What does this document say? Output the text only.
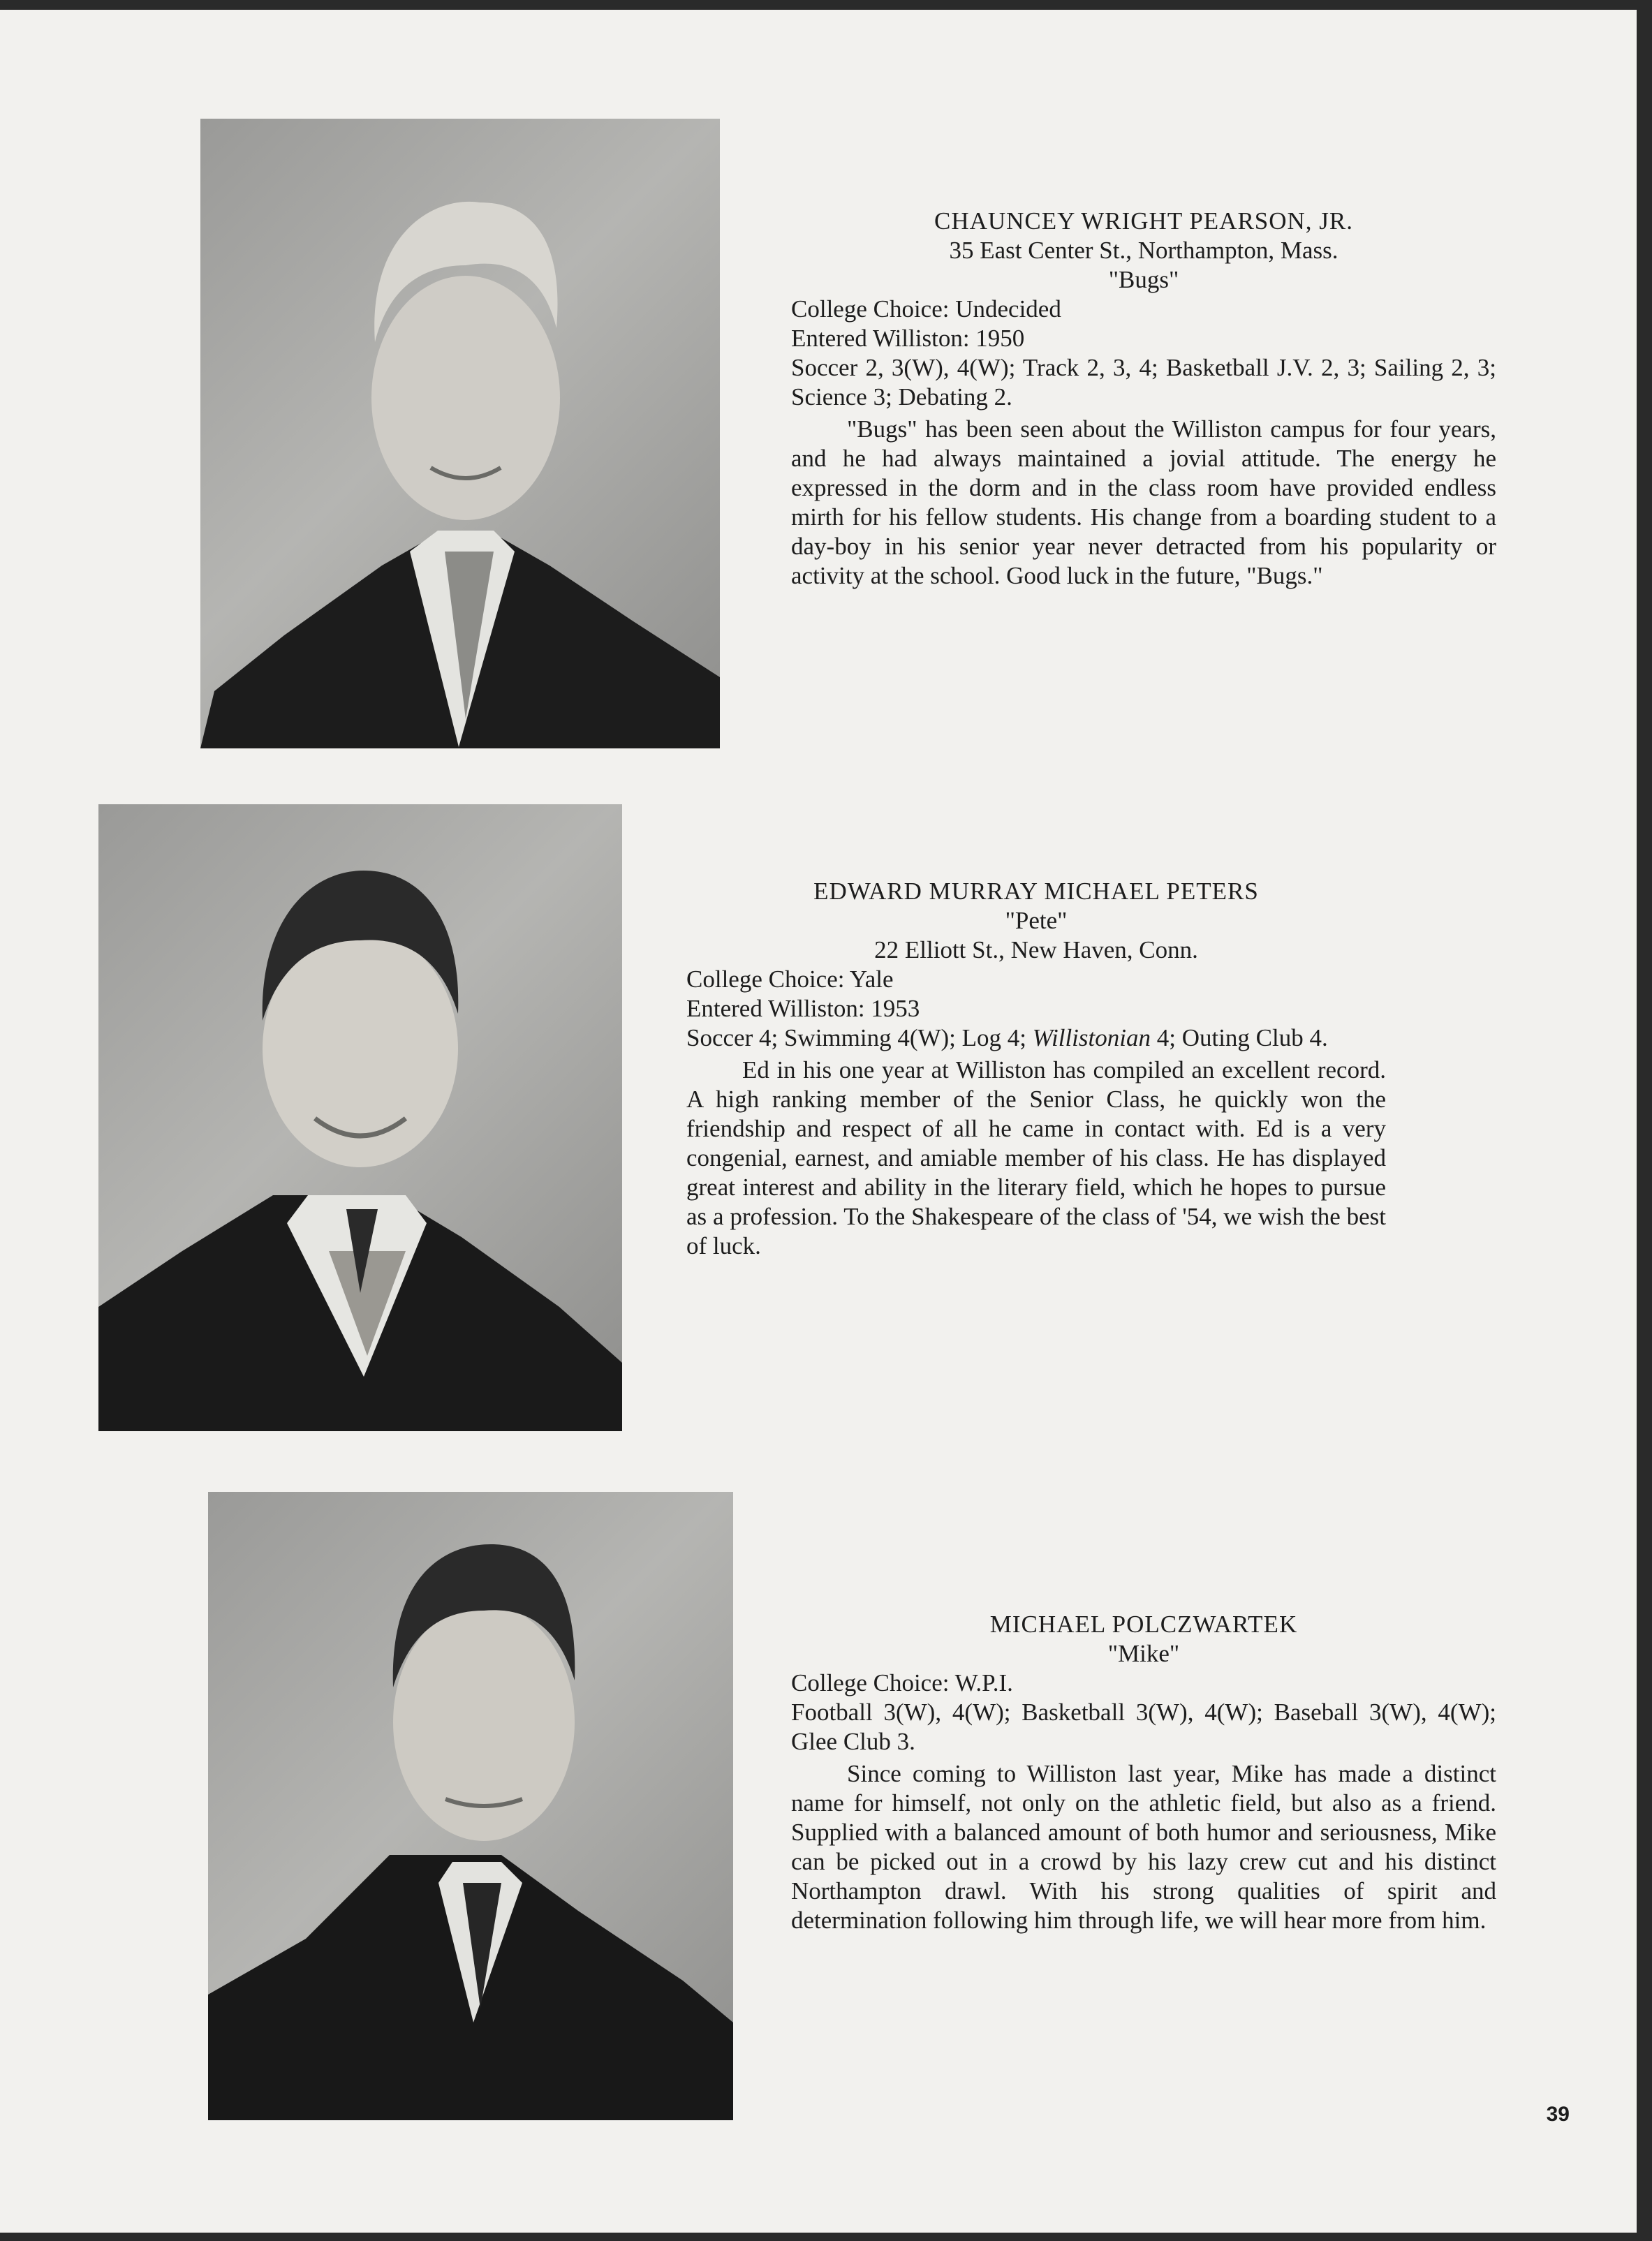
CHAUNCEY WRIGHT PEARSON, JR.
35 East Center St., Northampton, Mass.
"Bugs"
College Choice: Undecided
Entered Williston: 1950
Soccer 2, 3(W), 4(W); Track 2, 3, 4; Basketball J.V. 2, 3; Sailing 2, 3; Science 3; Debating 2.
"Bugs" has been seen about the Williston campus for four years, and he had always maintained a jovial attitude. The energy he expressed in the dorm and in the class room have provided endless mirth for his fellow students. His change from a boarding student to a day-boy in his senior year never detracted from his popularity or activity at the school. Good luck in the future, "Bugs."
EDWARD MURRAY MICHAEL PETERS
"Pete"
22 Elliott St., New Haven, Conn.
College Choice: Yale
Entered Williston: 1953
Soccer 4; Swimming 4(W); Log 4; Willistonian 4; Outing Club 4.
Ed in his one year at Williston has compiled an excellent record. A high ranking member of the Senior Class, he quickly won the friendship and respect of all he came in contact with. Ed is a very congenial, earnest, and amiable member of his class. He has displayed great interest and ability in the literary field, which he hopes to pursue as a profession. To the Shakespeare of the class of '54, we wish the best of luck.
MICHAEL POLCZWARTEK
"Mike"
College Choice: W.P.I.
Football 3(W), 4(W); Basketball 3(W), 4(W); Baseball 3(W), 4(W); Glee Club 3.
Since coming to Williston last year, Mike has made a distinct name for himself, not only on the athletic field, but also as a friend. Supplied with a balanced amount of both humor and seriousness, Mike can be picked out in a crowd by his lazy crew cut and his distinct Northampton drawl. With his strong qualities of spirit and determination following him through life, we will hear more from him.
39
